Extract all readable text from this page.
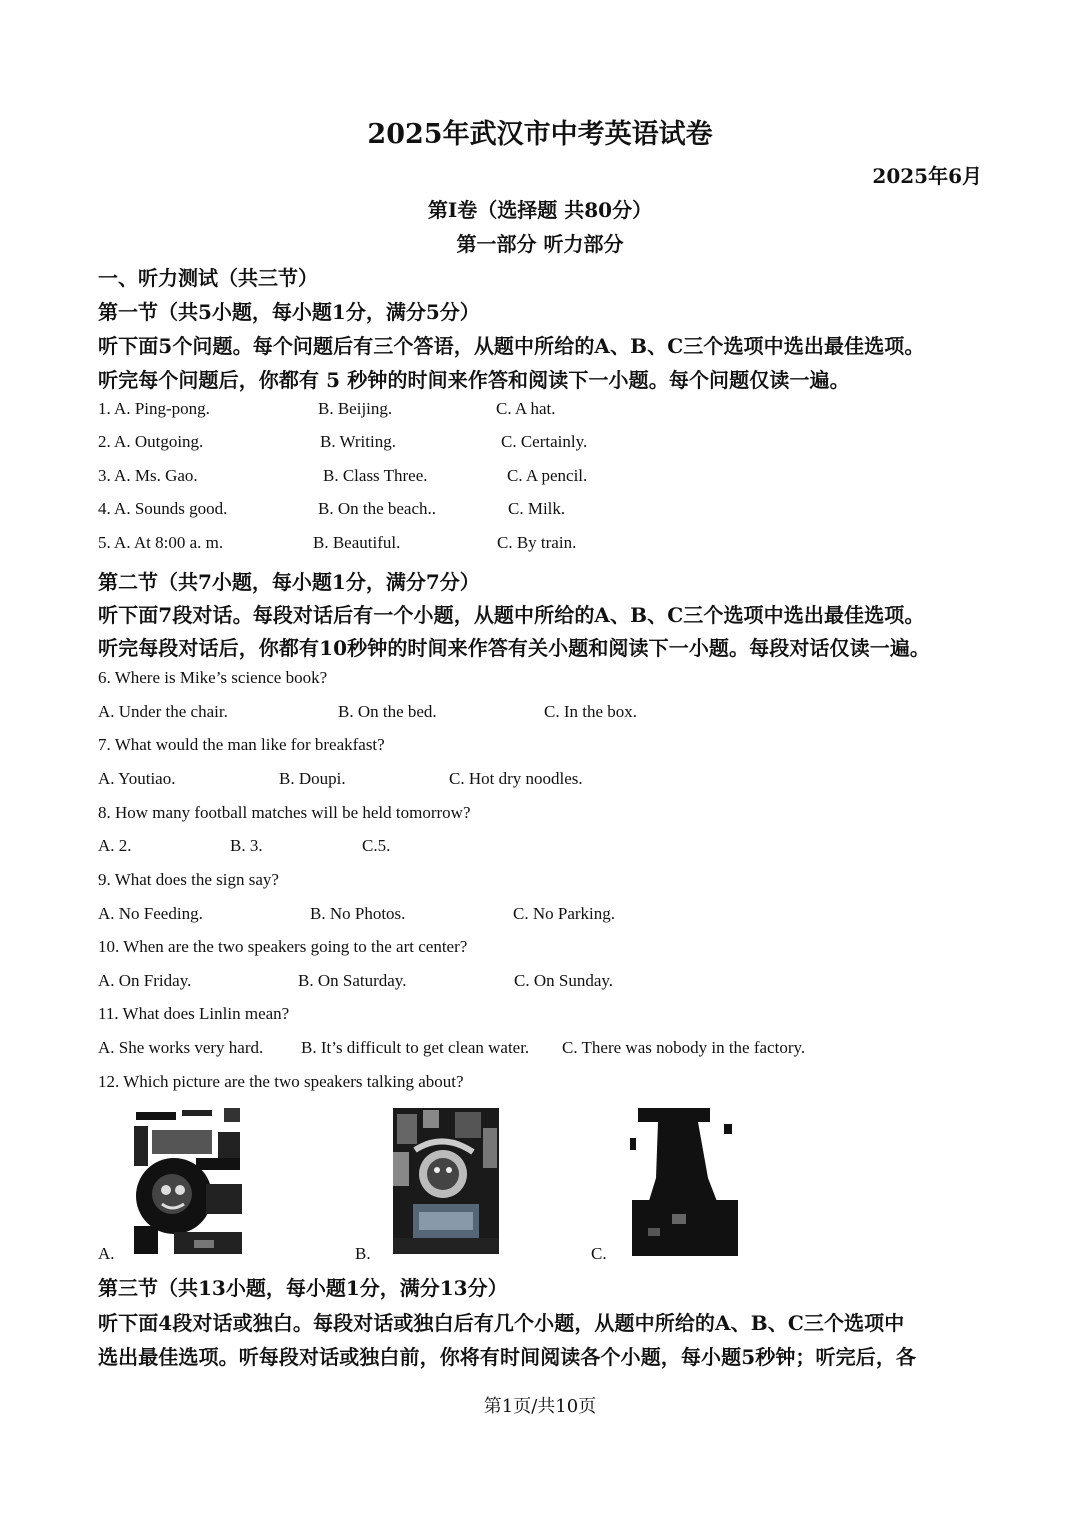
2025年武汉市中考英语试卷
2025年6月
第Ⅰ卷（选择题 共80分）
第一部分 听力部分
一、听力测试（共三节）
第一节（共5小题，每小题1分，满分5分）
听下面5个问题。每个问题后有三个答语，从题中所给的A、B、C三个选项中选出最佳选项。
听完每个问题后，你都有 5 秒钟的时间来作答和阅读下一小题。每个问题仅读一遍。
1. A. Ping-pong.	B. Beijing.	C. A hat.
2. A. Outgoing.	B. Writing.	C. Certainly.
3. A. Ms. Gao.	B. Class Three.	C. A pencil.
4. A. Sounds good.	B. On the beach..	C. Milk.
5. A. At 8:00 a. m.	B. Beautiful.	C. By train.
第二节（共7小题，每小题1分，满分7分）
听下面7段对话。每段对话后有一个小题，从题中所给的A、B、C三个选项中选出最佳选项。
听完每段对话后，你都有10秒钟的时间来作答有关小题和阅读下一小题。每段对话仅读一遍。
6. Where is Mike’s science book?
A. Under the chair.	B. On the bed.	C. In the box.
7. What would the man like for breakfast?
A. Youtiao.	B. Doupi.	C. Hot dry noodles.
8. How many football matches will be held tomorrow?
A. 2.	B. 3.	C.5.
9. What does the sign say?
A. No Feeding.	B. No Photos.	C. No Parking.
10. When are the two speakers going to the art center?
A. On Friday.	B. On Saturday.	C. On Sunday.
11. What does Linlin mean?
A. She works very hard. B. It’s difficult to get clean water. C. There was nobody in the factory.
12. Which picture are the two speakers talking about?
A.	B.	C.
第三节（共13小题，每小题1分，满分13分）
听下面4段对话或独白。每段对话或独白后有几个小题，从题中所给的A、B、C三个选项中
选出最佳选项。听每段对话或独白前，你将有时间阅读各个小题，每小题5秒钟；听完后，各
第1页/共10页
